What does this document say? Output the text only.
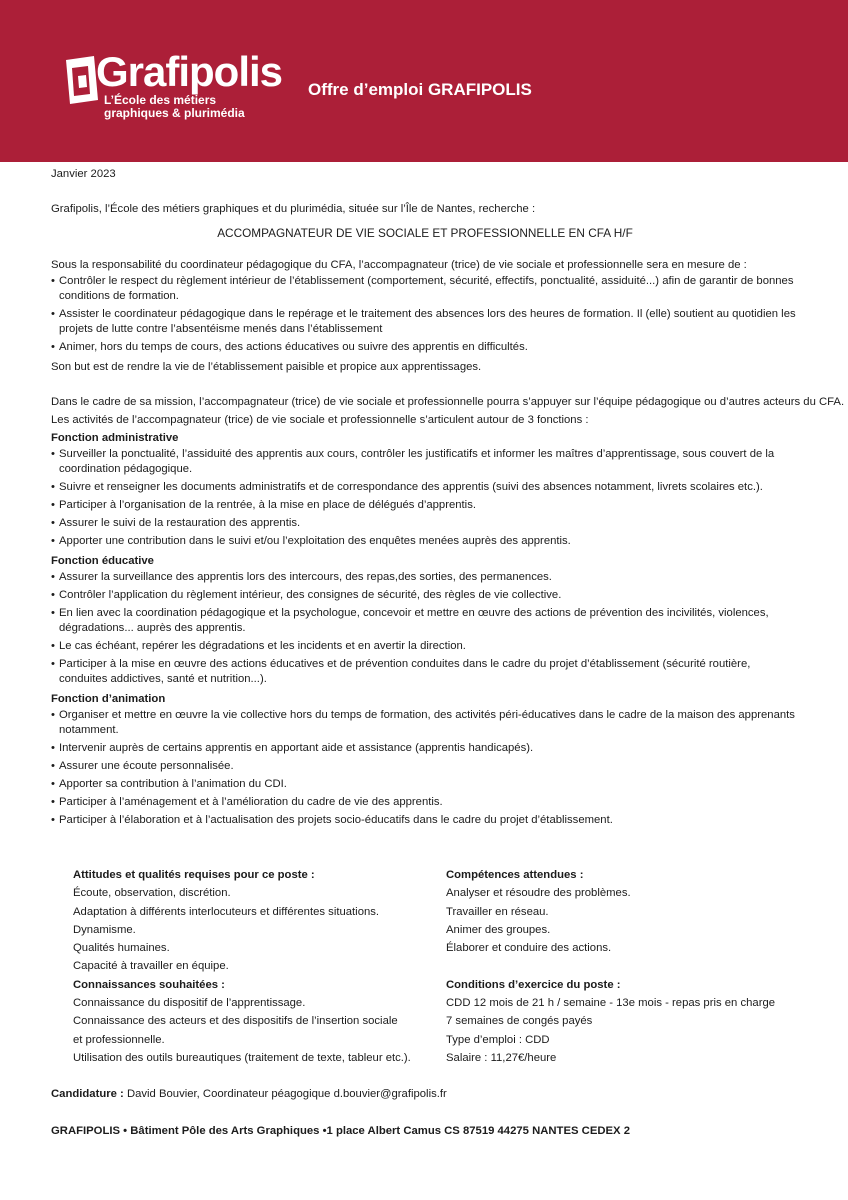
Grafipolis
L’École des métiers
graphiques & plurimédia
Offre d’emploi GRAFIPOLIS
Janvier 2023
Grafipolis, l’École des métiers graphiques et du plurimédia, située sur l’Île de Nantes, recherche :
ACCOMPAGNATEUR DE VIE SOCIALE ET PROFESSIONNELLE EN CFA H/F
Sous la responsabilité du coordinateur pédagogique du CFA, l’accompagnateur (trice) de vie sociale et professionnelle sera en mesure de :
• Contrôler le respect du règlement intérieur de l’établissement (comportement, sécurité, effectifs, ponctualité, assiduité...) afin de garantir de bonnes conditions de formation.
• Assister le coordinateur pédagogique dans le repérage et le traitement des absences lors des heures de formation. Il (elle) soutient au quotidien les projets de lutte contre l’absentéisme menés dans l’établissement
• Animer, hors du temps de cours, des actions éducatives ou suivre des apprentis en difficultés.
Son but est de rendre la vie de l’établissement paisible et propice aux apprentissages.
Dans le cadre de sa mission, l’accompagnateur (trice) de vie sociale et professionnelle pourra s’appuyer sur l’équipe pédagogique ou d’autres acteurs du CFA.
Les activités de l’accompagnateur (trice) de vie sociale et professionnelle s’articulent autour de 3 fonctions :
Fonction administrative
• Surveiller la ponctualité, l’assiduité des apprentis aux cours, contrôler les justificatifs et informer les maîtres d’apprentissage, sous couvert de la coordination pédagogique.
• Suivre et renseigner les documents administratifs et de correspondance des apprentis (suivi des absences notamment, livrets scolaires etc.).
• Participer à l’organisation de la rentrée, à la mise en place de délégués d’apprentis.
• Assurer le suivi de la restauration des apprentis.
• Apporter une contribution dans le suivi et/ou l’exploitation des enquêtes menées auprès des apprentis.
Fonction éducative
• Assurer la surveillance des apprentis lors des intercours, des repas,des sorties, des permanences.
• Contrôler l’application du règlement intérieur, des consignes de sécurité, des règles de vie collective.
• En lien avec la coordination pédagogique et la psychologue, concevoir et mettre en œuvre des actions de prévention des incivilités, violences, dégradations... auprès des apprentis.
• Le cas échéant, repérer les dégradations et les incidents et en avertir la direction.
• Participer à la mise en œuvre des actions éducatives et de prévention conduites dans le cadre du projet d’établissement (sécurité routière, conduites addictives, santé et nutrition...).
Fonction d’animation
• Organiser et mettre en œuvre la vie collective hors du temps de formation, des activités péri-éducatives dans le cadre de la maison des apprenants notamment.
• Intervenir auprès de certains apprentis en apportant aide et assistance (apprentis handicapés).
• Assurer une écoute personnalisée.
• Apporter sa contribution à l’animation du CDI.
• Participer à l’aménagement et à l’amélioration du cadre de vie des apprentis.
• Participer à l’élaboration et à l’actualisation des projets socio-éducatifs dans le cadre du projet d’établissement.
Attitudes et qualités requises pour ce poste :
Écoute, observation, discrétion.
Adaptation à différents interlocuteurs et différentes situations.
Dynamisme.
Qualités humaines.
Capacité à travailler en équipe.
Connaissances souhaitées :
Connaissance du dispositif de l’apprentissage.
Connaissance des acteurs et des dispositifs de l’insertion sociale
et professionnelle.
Utilisation des outils bureautiques (traitement de texte, tableur etc.).
Compétences attendues :
Analyser et résoudre des problèmes.
Travailler en réseau.
Animer des groupes.
Élaborer et conduire des actions.
Conditions d’exercice du poste :
CDD 12 mois de 21 h / semaine - 13e mois - repas pris en charge
7 semaines de congés payés
Type d’emploi : CDD
Salaire : 11,27€/heure
Candidature : David Bouvier, Coordinateur péagogique d.bouvier@grafipolis.fr
GRAFIPOLIS • Bâtiment Pôle des Arts Graphiques •1 place Albert Camus CS 87519 44275 NANTES CEDEX 2
